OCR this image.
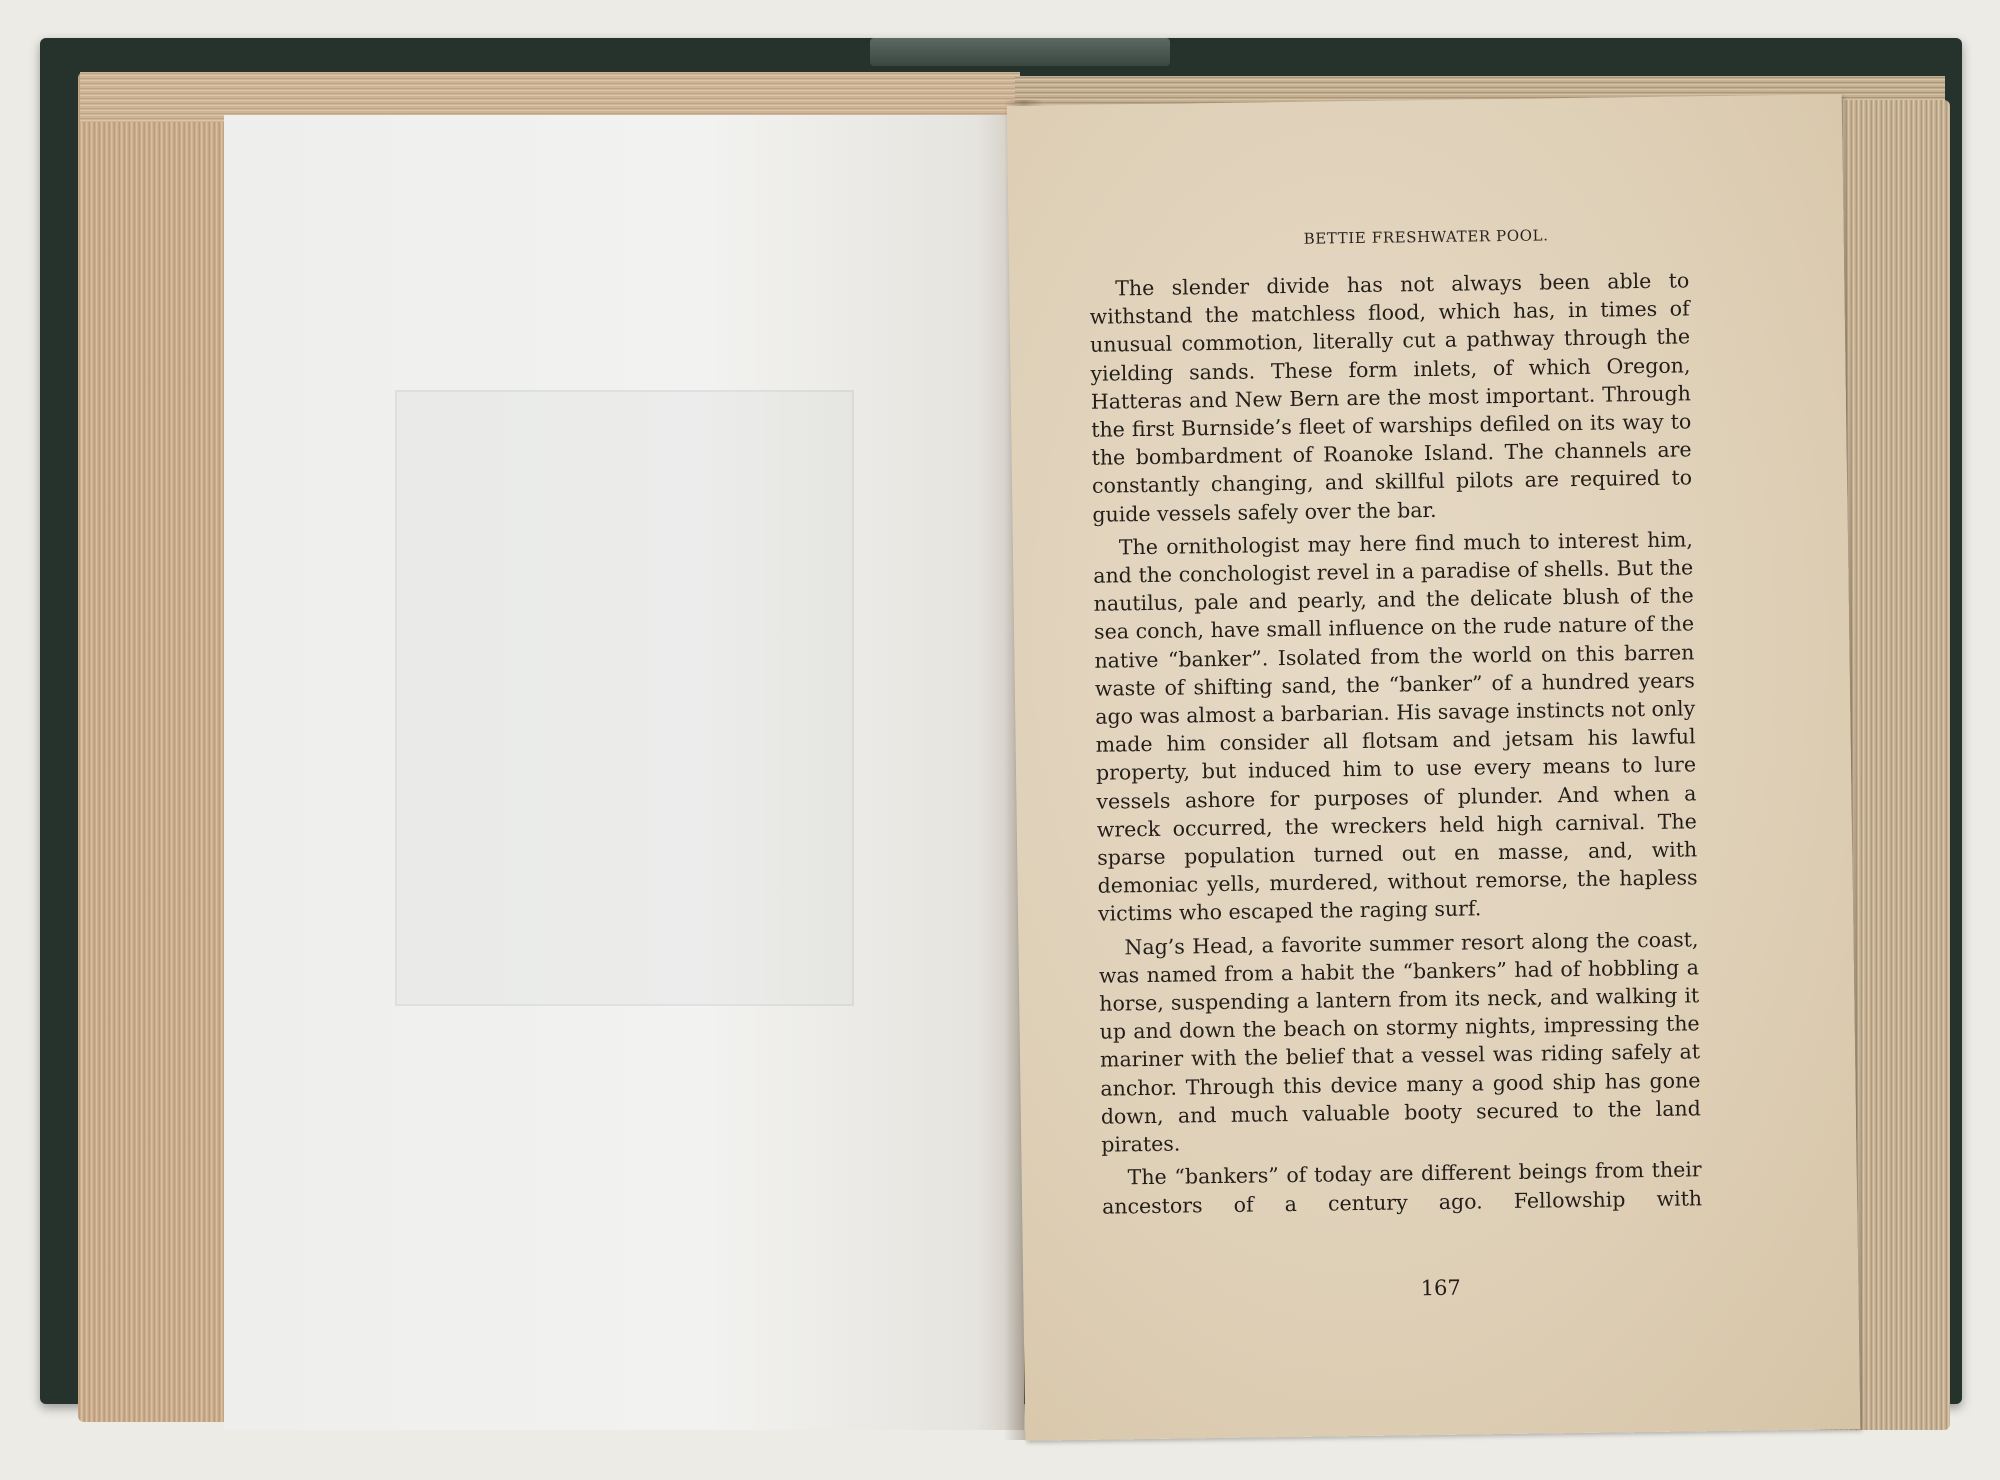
BETTIE FRESHWATER POOL.

The slender divide has not always been able to withstand the matchless flood, which has, in times of unusual commotion, literally cut a pathway through the yielding sands. These form inlets, of which Oregon, Hatteras and New Bern are the most important. Through the first Burnside’s fleet of warships defiled on its way to the bombardment of Roanoke Island. The channels are constantly changing, and skillful pilots are required to guide vessels safely over the bar.

The ornithologist may here find much to interest him, and the conchologist revel in a paradise of shells. But the nautilus, pale and pearly, and the delicate blush of the sea conch, have small influence on the rude nature of the native “banker”. Isolated from the world on this barren waste of shifting sand, the “banker” of a hundred years ago was almost a barbarian. His savage instincts not only made him consider all flotsam and jetsam his lawful property, but induced him to use every means to lure vessels ashore for purposes of plunder. And when a wreck occurred, the wreckers held high carnival. The sparse population turned out en masse, and, with demoniac yells, murdered, without remorse, the hapless victims who escaped the raging surf.

Nag’s Head, a favorite summer resort along the coast, was named from a habit the “bankers” had of hobbling a horse, suspending a lantern from its neck, and walking it up and down the beach on stormy nights, impressing the mariner with the belief that a vessel was riding safely at anchor. Through this device many a good ship has gone down, and much valuable booty secured to the land pirates.

The “bankers” of today are different beings from their ancestors of a century ago. Fellowship with

167
